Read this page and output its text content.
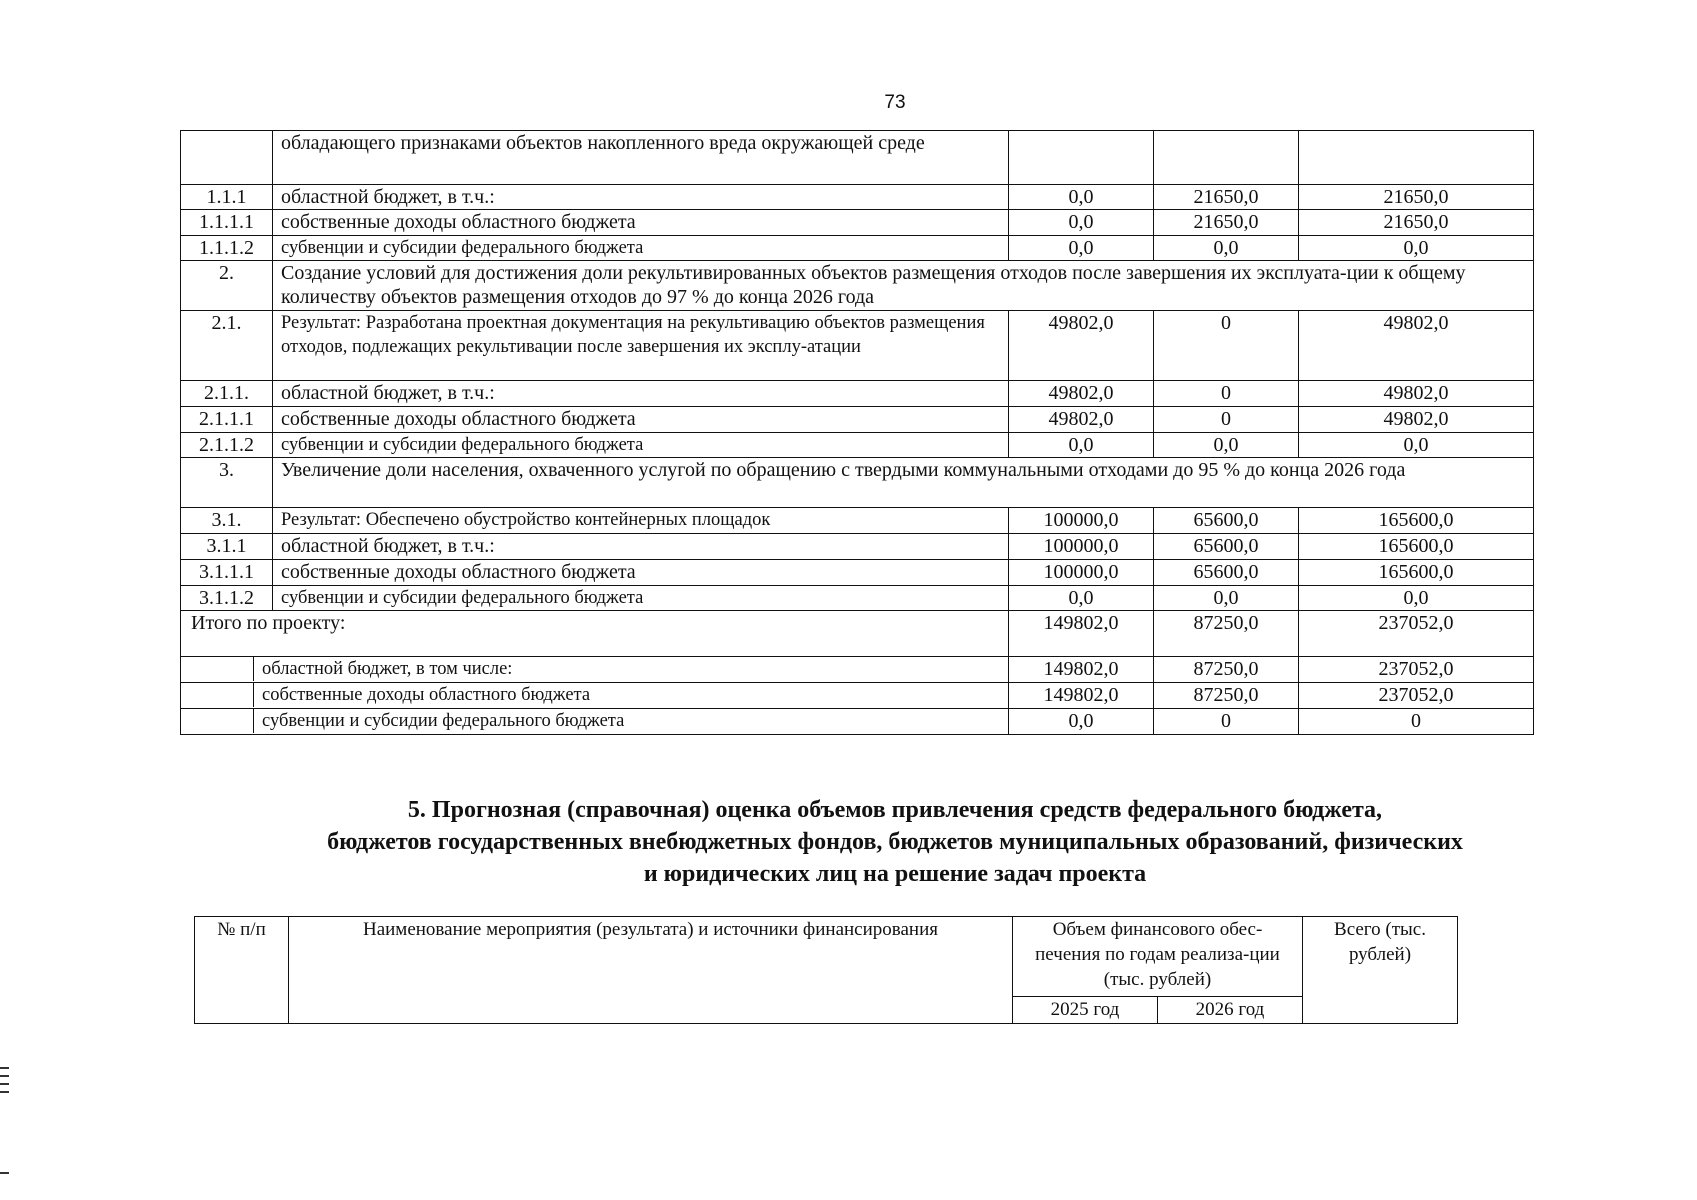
73
	обладающего признаками объектов накопленного вреда окружающей среде			
1.1.1	областной бюджет, в т.ч.:	0,0	21650,0	21650,0
1.1.1.1	собственные доходы областного бюджета	0,0	21650,0	21650,0
1.1.1.2	субвенции и субсидии федерального бюджета	0,0	0,0	0,0
2.	Создание условий для достижения доли рекультивированных объектов размещения отходов после завершения их эксплуата-ции к общему количеству объектов размещения отходов до 97 % до конца 2026 года			
2.1.	Результат: Разработана проектная документация на рекультивацию объектов размещения отходов, подлежащих рекультивации после завершения их эксплу-атации	49802,0	0	49802,0
2.1.1.	областной бюджет, в т.ч.:	49802,0	0	49802,0
2.1.1.1	собственные доходы областного бюджета	49802,0	0	49802,0
2.1.1.2	субвенции и субсидии федерального бюджета	0,0	0,0	0,0
3.	Увеличение доли населения, охваченного услугой по обращению с твердыми коммунальными отходами до 95 % до конца 2026 года			
3.1.	Результат: Обеспечено обустройство контейнерных площадок	100000,0	65600,0	165600,0
3.1.1	областной бюджет, в т.ч.:	100000,0	65600,0	165600,0
3.1.1.1	собственные доходы областного бюджета	100000,0	65600,0	165600,0
3.1.1.2	субвенции и субсидии федерального бюджета	0,0	0,0	0,0
Итого по проекту:		149802,0	87250,0	237052,0

областной бюджет, в том числе:		149802,0	87250,0	237052,0

собственные доходы областного бюджета		149802,0	87250,0	237052,0

субвенции и субсидии федерального бюджета		0,0	0	0
5. Прогнозная (справочная) оценка объемов привлечения средств федерального бюджета,
бюджетов государственных внебюджетных фондов, бюджетов муниципальных образований, физических
и юридических лиц на решение задач проекта
№ п/п	Наименование мероприятия (результата) и источники финансирования	Объем финансового обес-печения по годам реализа-ции (тыс. рублей)		Всего (тыс. рублей)
		2025 год	2026 год	
